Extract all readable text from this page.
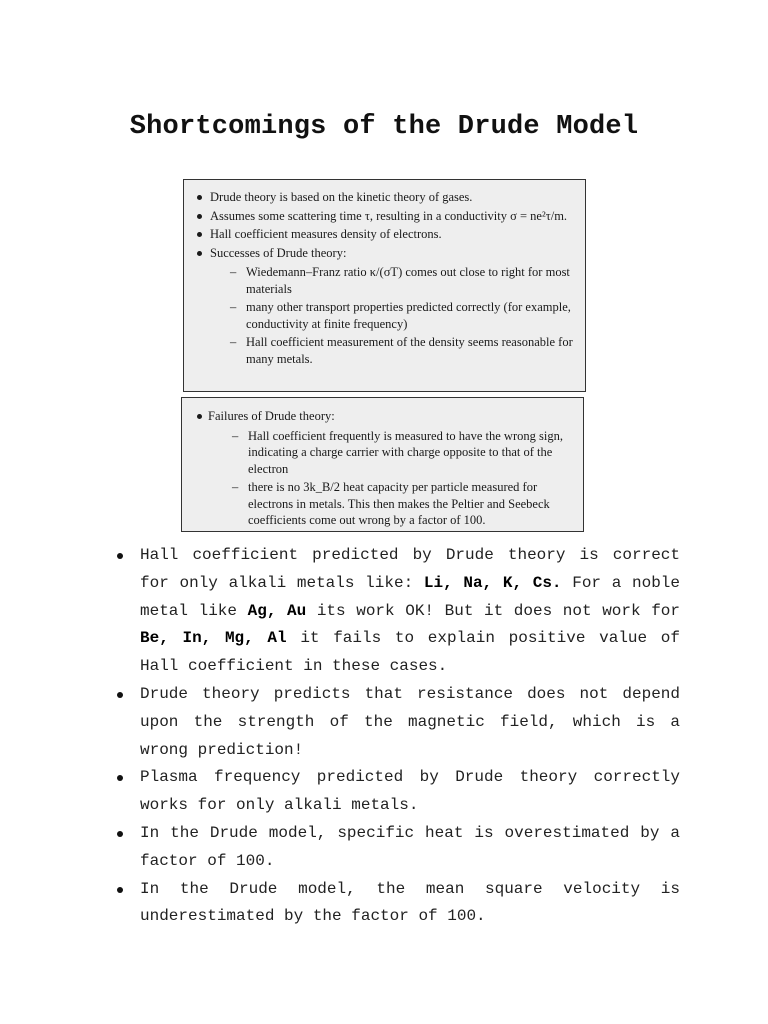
Shortcomings of the Drude Model
Drude theory is based on the kinetic theory of gases.
Assumes some scattering time τ, resulting in a conductivity σ = ne²τ/m.
Hall coefficient measures density of electrons.
Successes of Drude theory:
– Wiedemann–Franz ratio κ/(σT) comes out close to right for most materials
– many other transport properties predicted correctly (for example, conductivity at finite frequency)
– Hall coefficient measurement of the density seems reasonable for many metals.
Failures of Drude theory:
– Hall coefficient frequently is measured to have the wrong sign, indicating a charge carrier with charge opposite to that of the electron
– there is no 3k_B/2 heat capacity per particle measured for electrons in metals. This then makes the Peltier and Seebeck coefficients come out wrong by a factor of 100.
Hall coefficient predicted by Drude theory is correct for only alkali metals like: Li, Na, K, Cs. For a noble metal like Ag, Au its work OK! But it does not work for Be, In, Mg, Al it fails to explain positive value of Hall coefficient in these cases.
Drude theory predicts that resistance does not depend upon the strength of the magnetic field, which is a wrong prediction!
Plasma frequency predicted by Drude theory correctly works for only alkali metals.
In the Drude model, specific heat is overestimated by a factor of 100.
In the Drude model, the mean square velocity is underestimated by the factor of 100.
